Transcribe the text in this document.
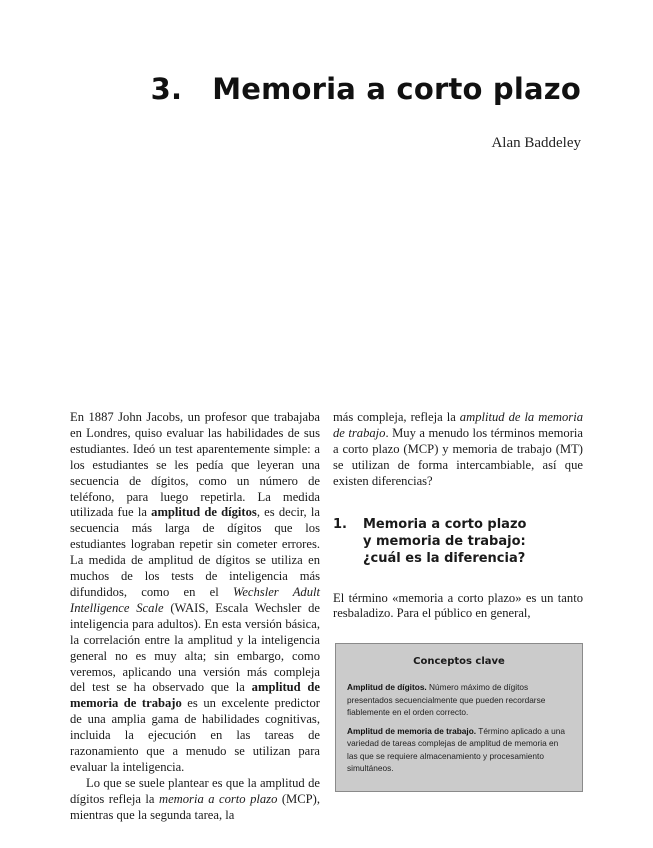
3. Memoria a corto plazo
Alan Baddeley

En 1887 John Jacobs, un profesor que trabajaba en Londres, quiso evaluar las habilidades de sus estudiantes. Ideó un test aparentemente simple: a los estudiantes se les pedía que leyeran una secuencia de dígitos, como un número de teléfono, para luego repetirla. La medida utilizada fue la amplitud de dígitos, es decir, la secuencia más larga de dígitos que los estudiantes lograban repetir sin cometer errores. La medida de amplitud de dígitos se utiliza en muchos de los tests de inteligencia más difundidos, como en el Wechsler Adult Intelligence Scale (WAIS, Escala Wechsler de inteligencia para adultos). En esta versión básica, la correlación entre la amplitud y la inteligencia general no es muy alta; sin embargo, como veremos, aplicando una versión más compleja del test se ha observado que la amplitud de memoria de trabajo es un excelente predictor de una amplia gama de habilidades cognitivas, incluida la ejecución en las tareas de razonamiento que a menudo se utilizan para evaluar la inteligencia.

Lo que se suele plantear es que la amplitud de dígitos refleja la memoria a corto plazo (MCP), mientras que la segunda tarea, la

más compleja, refleja la amplitud de la memoria de trabajo. Muy a menudo los términos memoria a corto plazo (MCP) y memoria de trabajo (MT) se utilizan de forma intercambiable, así que existen diferencias?

1.	Memoria a corto plazo
y memoria de trabajo:
¿cuál es la diferencia?

El término «memoria a corto plazo» es un tanto resbaladizo. Para el público en general,

Conceptos clave

Amplitud de dígitos. Número máximo de dígitos presentados secuencialmente que pueden recordarse fiablemente en el orden correcto.

Amplitud de memoria de trabajo. Término aplicado a una variedad de tareas complejas de amplitud de memoria en las que se requiere almacenamiento y procesamiento simultáneos.
